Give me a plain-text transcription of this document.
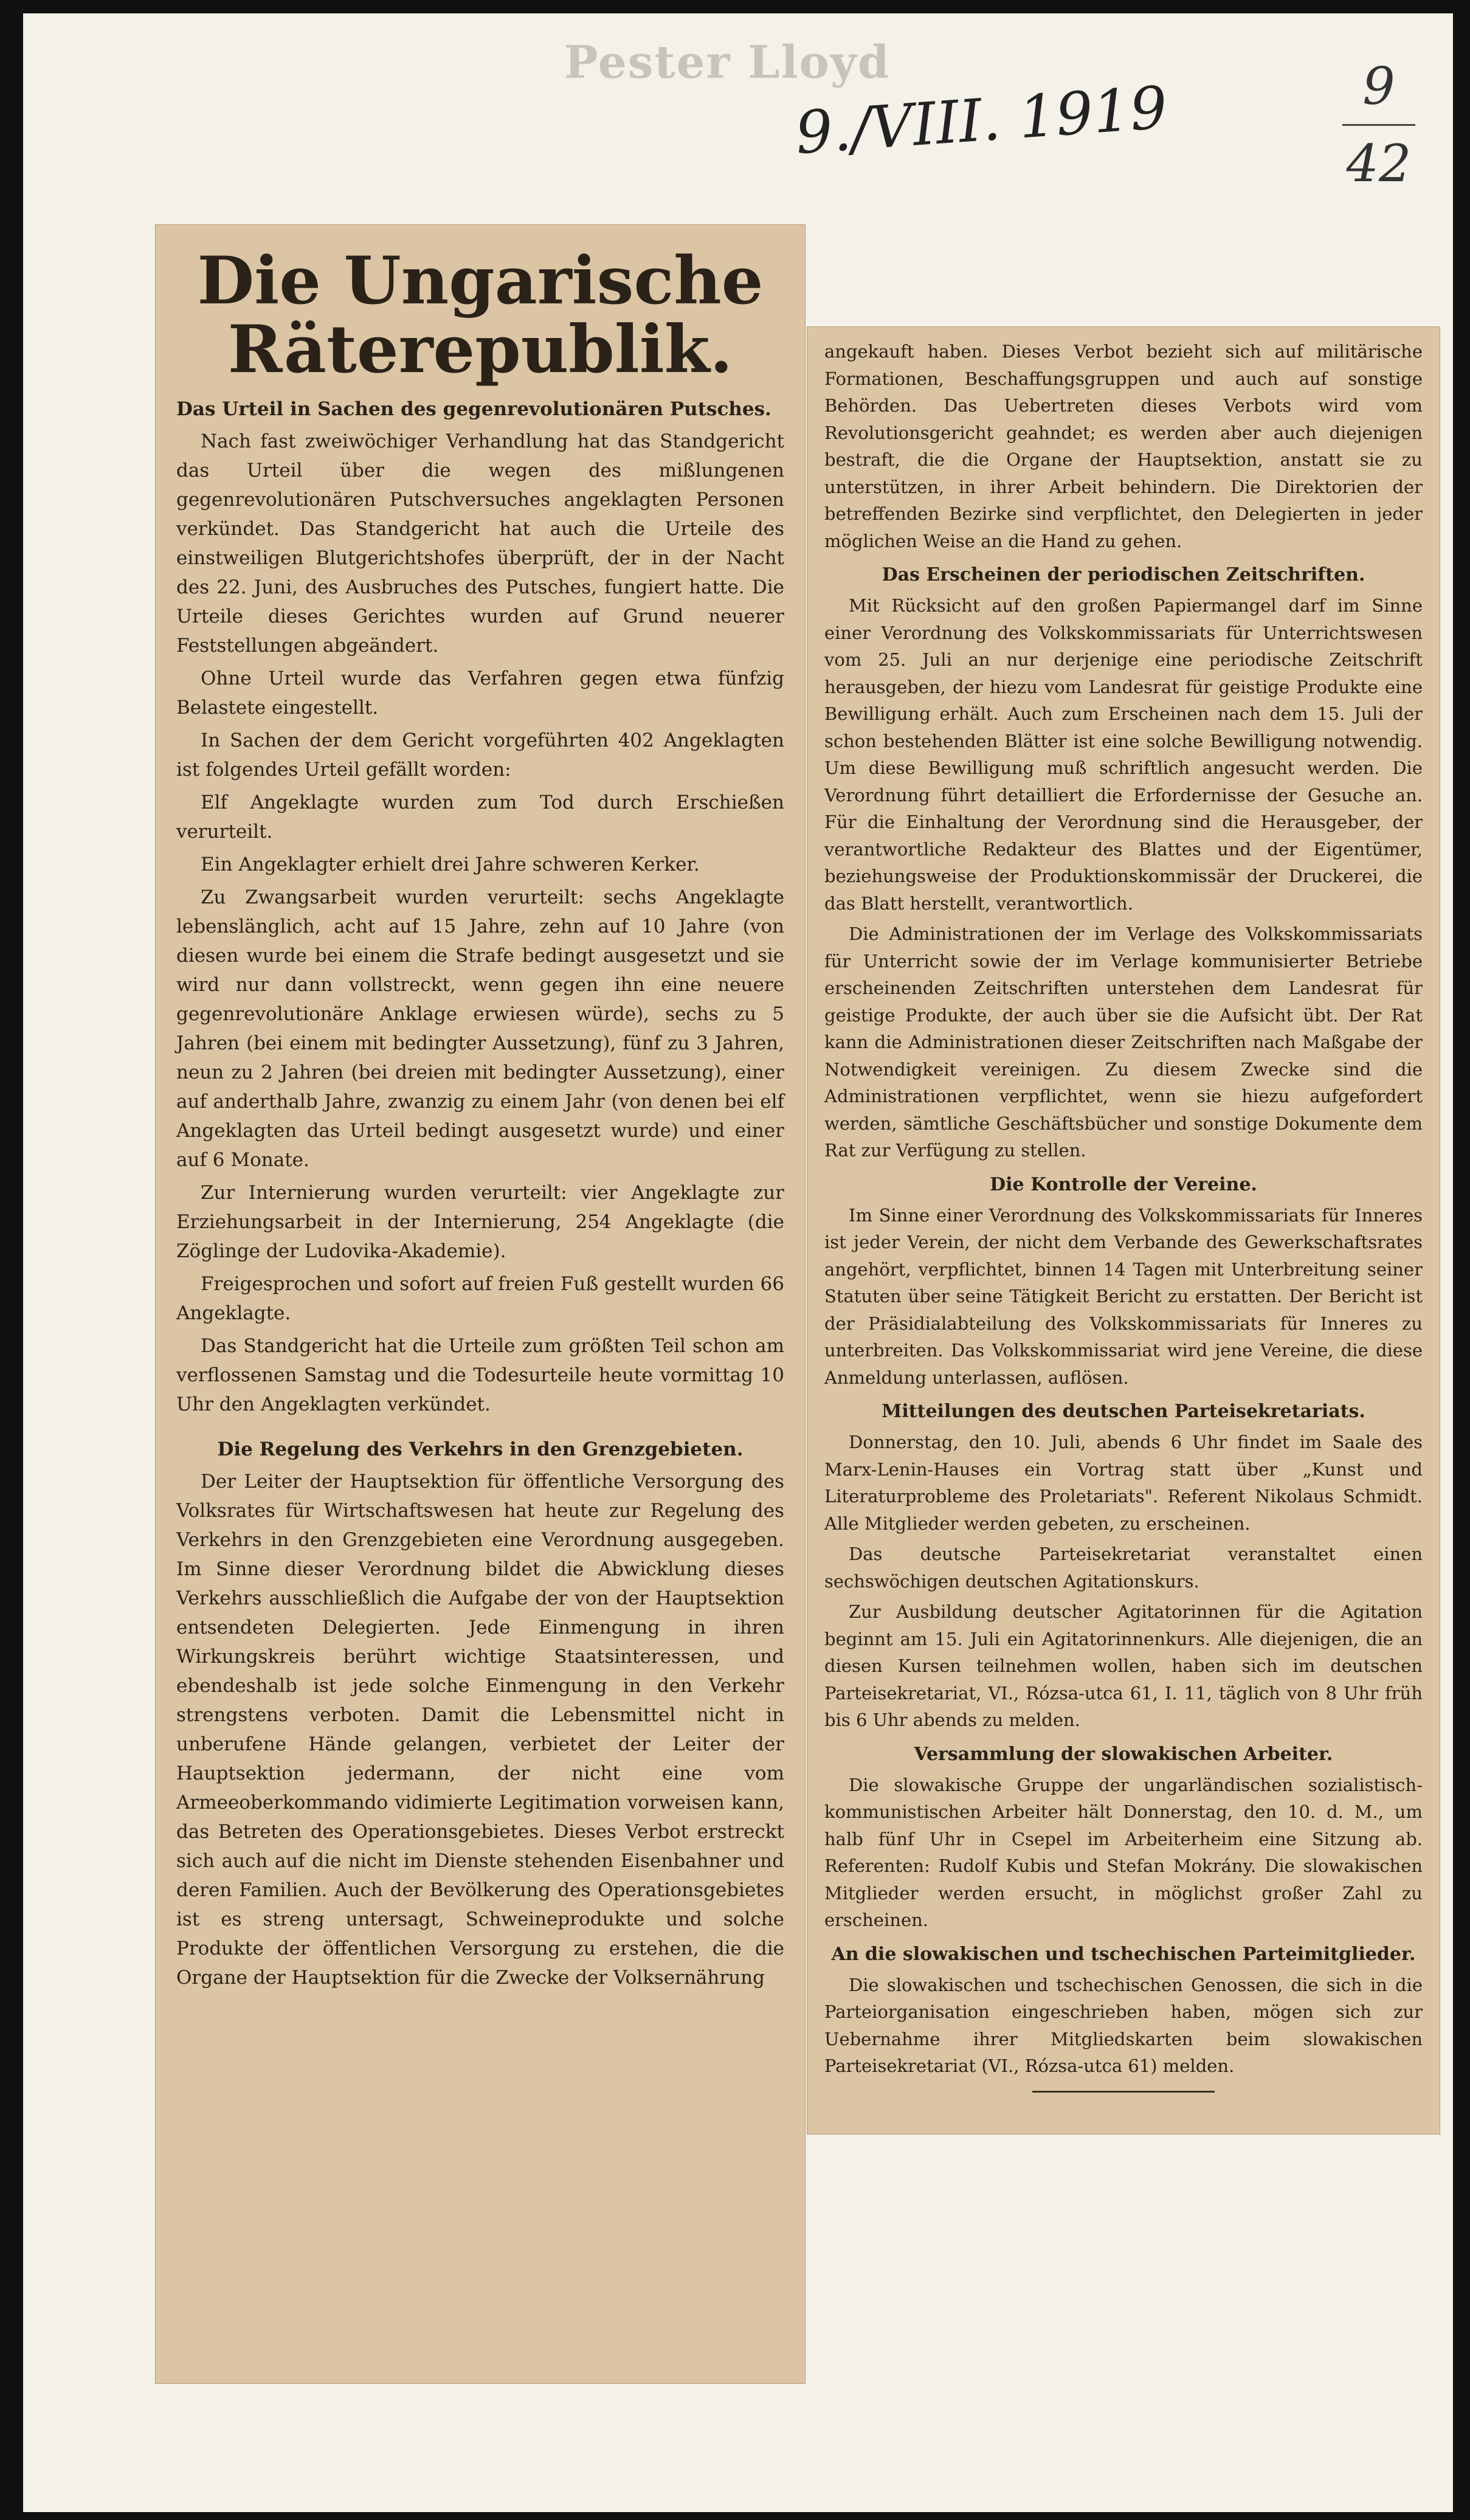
Pester Lloyd
9./VIII. 1919	9
42
Die Ungarische Räterepublik.
Das Urteil in Sachen des gegenrevolutionären Putsches.

Nach fast zweiwöchiger Verhandlung hat das Standgericht das Urteil über die wegen des mißlungenen gegenrevolutionären Putschversuches angeklagten Personen verkündet. Das Standgericht hat auch die Urteile des einstweiligen Blutgerichtshofes überprüft, der in der Nacht des 22. Juni, des Ausbruches des Putsches, fungiert hatte. Die Urteile dieses Gerichtes wurden auf Grund neuerer Feststellungen abgeändert.

Ohne Urteil wurde das Verfahren gegen etwa fünfzig Belastete eingestellt.

In Sachen der dem Gericht vorgeführten 402 Angeklagten ist folgendes Urteil gefällt worden:

Elf Angeklagte wurden zum Tod durch Erschießen verurteilt.

Ein Angeklagter erhielt drei Jahre schweren Kerker.

Zu Zwangsarbeit wurden verurteilt: sechs Angeklagte lebenslänglich, acht auf 15 Jahre, zehn auf 10 Jahre (von diesen wurde bei einem die Strafe bedingt ausgesetzt und sie wird nur dann vollstreckt, wenn gegen ihn eine neuere gegenrevolutionäre Anklage erwiesen würde), sechs zu 5 Jahren (bei einem mit bedingter Aussetzung), fünf zu 3 Jahren, neun zu 2 Jahren (bei dreien mit bedingter Aussetzung), einer auf anderthalb Jahre, zwanzig zu einem Jahr (von denen bei elf Angeklagten das Urteil bedingt ausgesetzt wurde) und einer auf 6 Monate.

Zur Internierung wurden verurteilt: vier Angeklagte zur Erziehungsarbeit in der Internierung, 254 Angeklagte (die Zöglinge der Ludovika-Akademie).

Freigesprochen und sofort auf freien Fuß gestellt wurden 66 Angeklagte.

Das Standgericht hat die Urteile zum größten Teil schon am verflossenen Samstag und die Todesurteile heute vormittag 10 Uhr den Angeklagten verkündet.

Die Regelung des Verkehrs in den Grenzgebieten.

Der Leiter der Hauptsektion für öffentliche Versorgung des Volksrates für Wirtschaftswesen hat heute zur Regelung des Verkehrs in den Grenzgebieten eine Verordnung ausgegeben. Im Sinne dieser Verordnung bildet die Abwicklung dieses Verkehrs ausschließlich die Aufgabe der von der Hauptsektion entsendeten Delegierten. Jede Einmengung in ihren Wirkungskreis berührt wichtige Staatsinteressen, und ebendeshalb ist jede solche Einmengung in den Verkehr strengstens verboten. Damit die Lebensmittel nicht in unberufene Hände gelangen, verbietet der Leiter der Hauptsektion jedermann, der nicht eine vom Armeeoberkommando vidimierte Legitimation vorweisen kann, das Betreten des Operationsgebietes. Dieses Verbot erstreckt sich auch auf die nicht im Dienste stehenden Eisenbahner und deren Familien. Auch der Bevölkerung des Operationsgebietes ist es streng untersagt, Schweineprodukte und solche Produkte der öffentlichen Versorgung zu erstehen, die die Organe der Hauptsektion für die Zwecke der Volksernährung

angekauft haben. Dieses Verbot bezieht sich auf militärische Formationen, Beschaffungsgruppen und auch auf sonstige Behörden. Das Uebertreten dieses Verbots wird vom Revolutionsgericht geahndet; es werden aber auch diejenigen bestraft, die die Organe der Hauptsektion, anstatt sie zu unterstützen, in ihrer Arbeit behindern. Die Direktorien der betreffenden Bezirke sind verpflichtet, den Delegierten in jeder möglichen Weise an die Hand zu gehen.

Das Erscheinen der periodischen Zeitschriften.

Mit Rücksicht auf den großen Papiermangel darf im Sinne einer Verordnung des Volkskommissariats für Unterrichtswesen vom 25. Juli an nur derjenige eine periodische Zeitschrift herausgeben, der hiezu vom Landesrat für geistige Produkte eine Bewilligung erhält. Auch zum Erscheinen nach dem 15. Juli der schon bestehenden Blätter ist eine solche Bewilligung notwendig. Um diese Bewilligung muß schriftlich angesucht werden. Die Verordnung führt detailliert die Erfordernisse der Gesuche an. Für die Einhaltung der Verordnung sind die Herausgeber, der verantwortliche Redakteur des Blattes und der Eigentümer, beziehungsweise der Produktionskommissär der Druckerei, die das Blatt herstellt, verantwortlich.

Die Administrationen der im Verlage des Volkskommissariats für Unterricht sowie der im Verlage kommunisierter Betriebe erscheinenden Zeitschriften unterstehen dem Landesrat für geistige Produkte, der auch über sie die Aufsicht übt. Der Rat kann die Administrationen dieser Zeitschriften nach Maßgabe der Notwendigkeit vereinigen. Zu diesem Zwecke sind die Administrationen verpflichtet, wenn sie hiezu aufgefordert werden, sämtliche Geschäftsbücher und sonstige Dokumente dem Rat zur Verfügung zu stellen.

Die Kontrolle der Vereine.

Im Sinne einer Verordnung des Volkskommissariats für Inneres ist jeder Verein, der nicht dem Verbande des Gewerkschaftsrates angehört, verpflichtet, binnen 14 Tagen mit Unterbreitung seiner Statuten über seine Tätigkeit Bericht zu erstatten. Der Bericht ist der Präsidialabteilung des Volkskommissariats für Inneres zu unterbreiten. Das Volkskommissariat wird jene Vereine, die diese Anmeldung unterlassen, auflösen.

Mitteilungen des deutschen Parteisekretariats.

Donnerstag, den 10. Juli, abends 6 Uhr findet im Saale des Marx-Lenin-Hauses ein Vortrag statt über „Kunst und Literaturprobleme des Proletariats". Referent Nikolaus Schmidt. Alle Mitglieder werden gebeten, zu erscheinen.

Das deutsche Parteisekretariat veranstaltet einen sechswöchigen deutschen Agitationskurs.

Zur Ausbildung deutscher Agitatorinnen für die Agitation beginnt am 15. Juli ein Agitatorinnenkurs. Alle diejenigen, die an diesen Kursen teilnehmen wollen, haben sich im deutschen Parteisekretariat, VI., Rózsa-utca 61, I. 11, täglich von 8 Uhr früh bis 6 Uhr abends zu melden.

Versammlung der slowakischen Arbeiter.

Die slowakische Gruppe der ungarländischen sozialistisch-kommunistischen Arbeiter hält Donnerstag, den 10. d. M., um halb fünf Uhr in Csepel im Arbeiterheim eine Sitzung ab. Referenten: Rudolf Kubis und Stefan Mokrány. Die slowakischen Mitglieder werden ersucht, in möglichst großer Zahl zu erscheinen.

An die slowakischen und tschechischen Parteimitglieder.

Die slowakischen und tschechischen Genossen, die sich in die Parteiorganisation eingeschrieben haben, mögen sich zur Uebernahme ihrer Mitgliedskarten beim slowakischen Parteisekretariat (VI., Rózsa-utca 61) melden.
